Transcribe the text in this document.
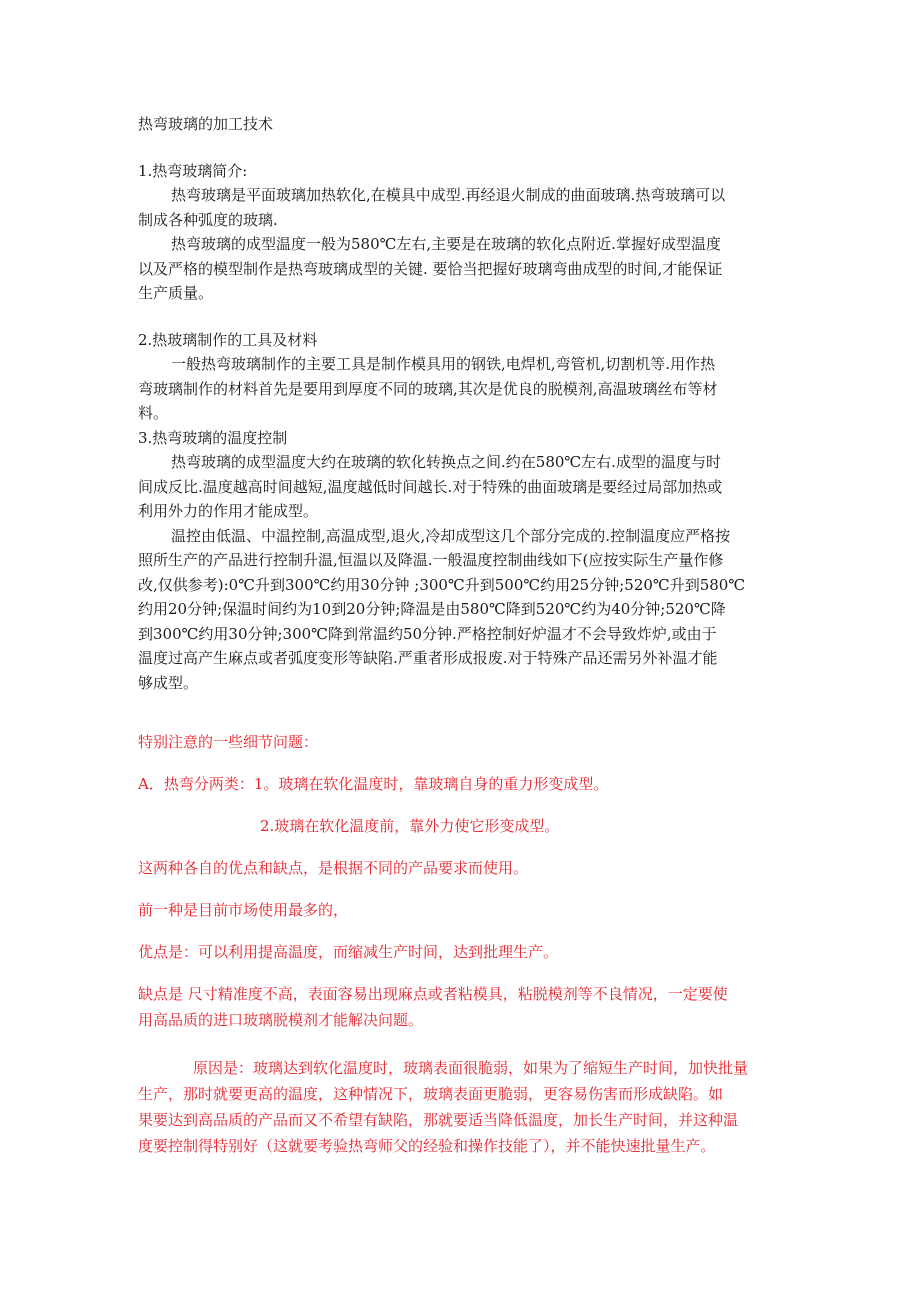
热弯玻璃的加工技术
1.热弯玻璃简介:
热弯玻璃是平面玻璃加热软化,在模具中成型.再经退火制成的曲面玻璃.热弯玻璃可以
制成各种弧度的玻璃.
热弯玻璃的成型温度一般为580℃左右,主要是在玻璃的软化点附近.掌握好成型温度
以及严格的模型制作是热弯玻璃成型的关键. 要恰当把握好玻璃弯曲成型的时间,才能保证
生产质量。
2.热玻璃制作的工具及材料
一般热弯玻璃制作的主要工具是制作模具用的钢铁,电焊机,弯管机,切割机等.用作热
弯玻璃制作的材料首先是要用到厚度不同的玻璃,其次是优良的脱模剂,高温玻璃丝布等材
料。
3.热弯玻璃的温度控制
热弯玻璃的成型温度大约在玻璃的软化转换点之间.约在580℃左右.成型的温度与时
间成反比.温度越高时间越短,温度越低时间越长.对于特殊的曲面玻璃是要经过局部加热或
利用外力的作用才能成型。
温控由低温、中温控制,高温成型,退火,冷却成型这几个部分完成的.控制温度应严格按
照所生产的产品进行控制升温,恒温以及降温.一般温度控制曲线如下(应按实际生产量作修
改,仅供参考):0℃升到300℃约用30分钟 ;300℃升到500℃约用25分钟;520℃升到580℃
约用20分钟;保温时间约为10到20分钟;降温是由580℃降到520℃约为40分钟;520℃降
到300℃约用30分钟;300℃降到常温约50分钟.严格控制好炉温才不会导致炸炉,或由于
温度过高产生麻点或者弧度变形等缺陷.严重者形成报废.对于特殊产品还需另外补温才能
够成型。
特别注意的一些细节问题：
A．热弯分两类：1。玻璃在软化温度时，靠玻璃自身的重力形变成型。
2.玻璃在软化温度前，靠外力使它形变成型。
这两种各自的优点和缺点，是根据不同的产品要求而使用。
前一种是目前市场使用最多的，
优点是：可以利用提高温度，而缩减生产时间，达到批理生产。
缺点是 尺寸精准度不高，表面容易出现麻点或者粘模具，粘脱模剂等不良情况，一定要使
用高品质的进口玻璃脱模剂才能解决问题。
原因是：玻璃达到软化温度时，玻璃表面很脆弱，如果为了缩短生产时间，加快批量
生产，那时就要更高的温度，这种情况下，玻璃表面更脆弱，更容易伤害而形成缺陷。如
果要达到高品质的产品而又不希望有缺陷，那就要适当降低温度，加长生产时间，并这种温
度要控制得特别好（这就要考验热弯师父的经验和操作技能了），并不能快速批量生产。
